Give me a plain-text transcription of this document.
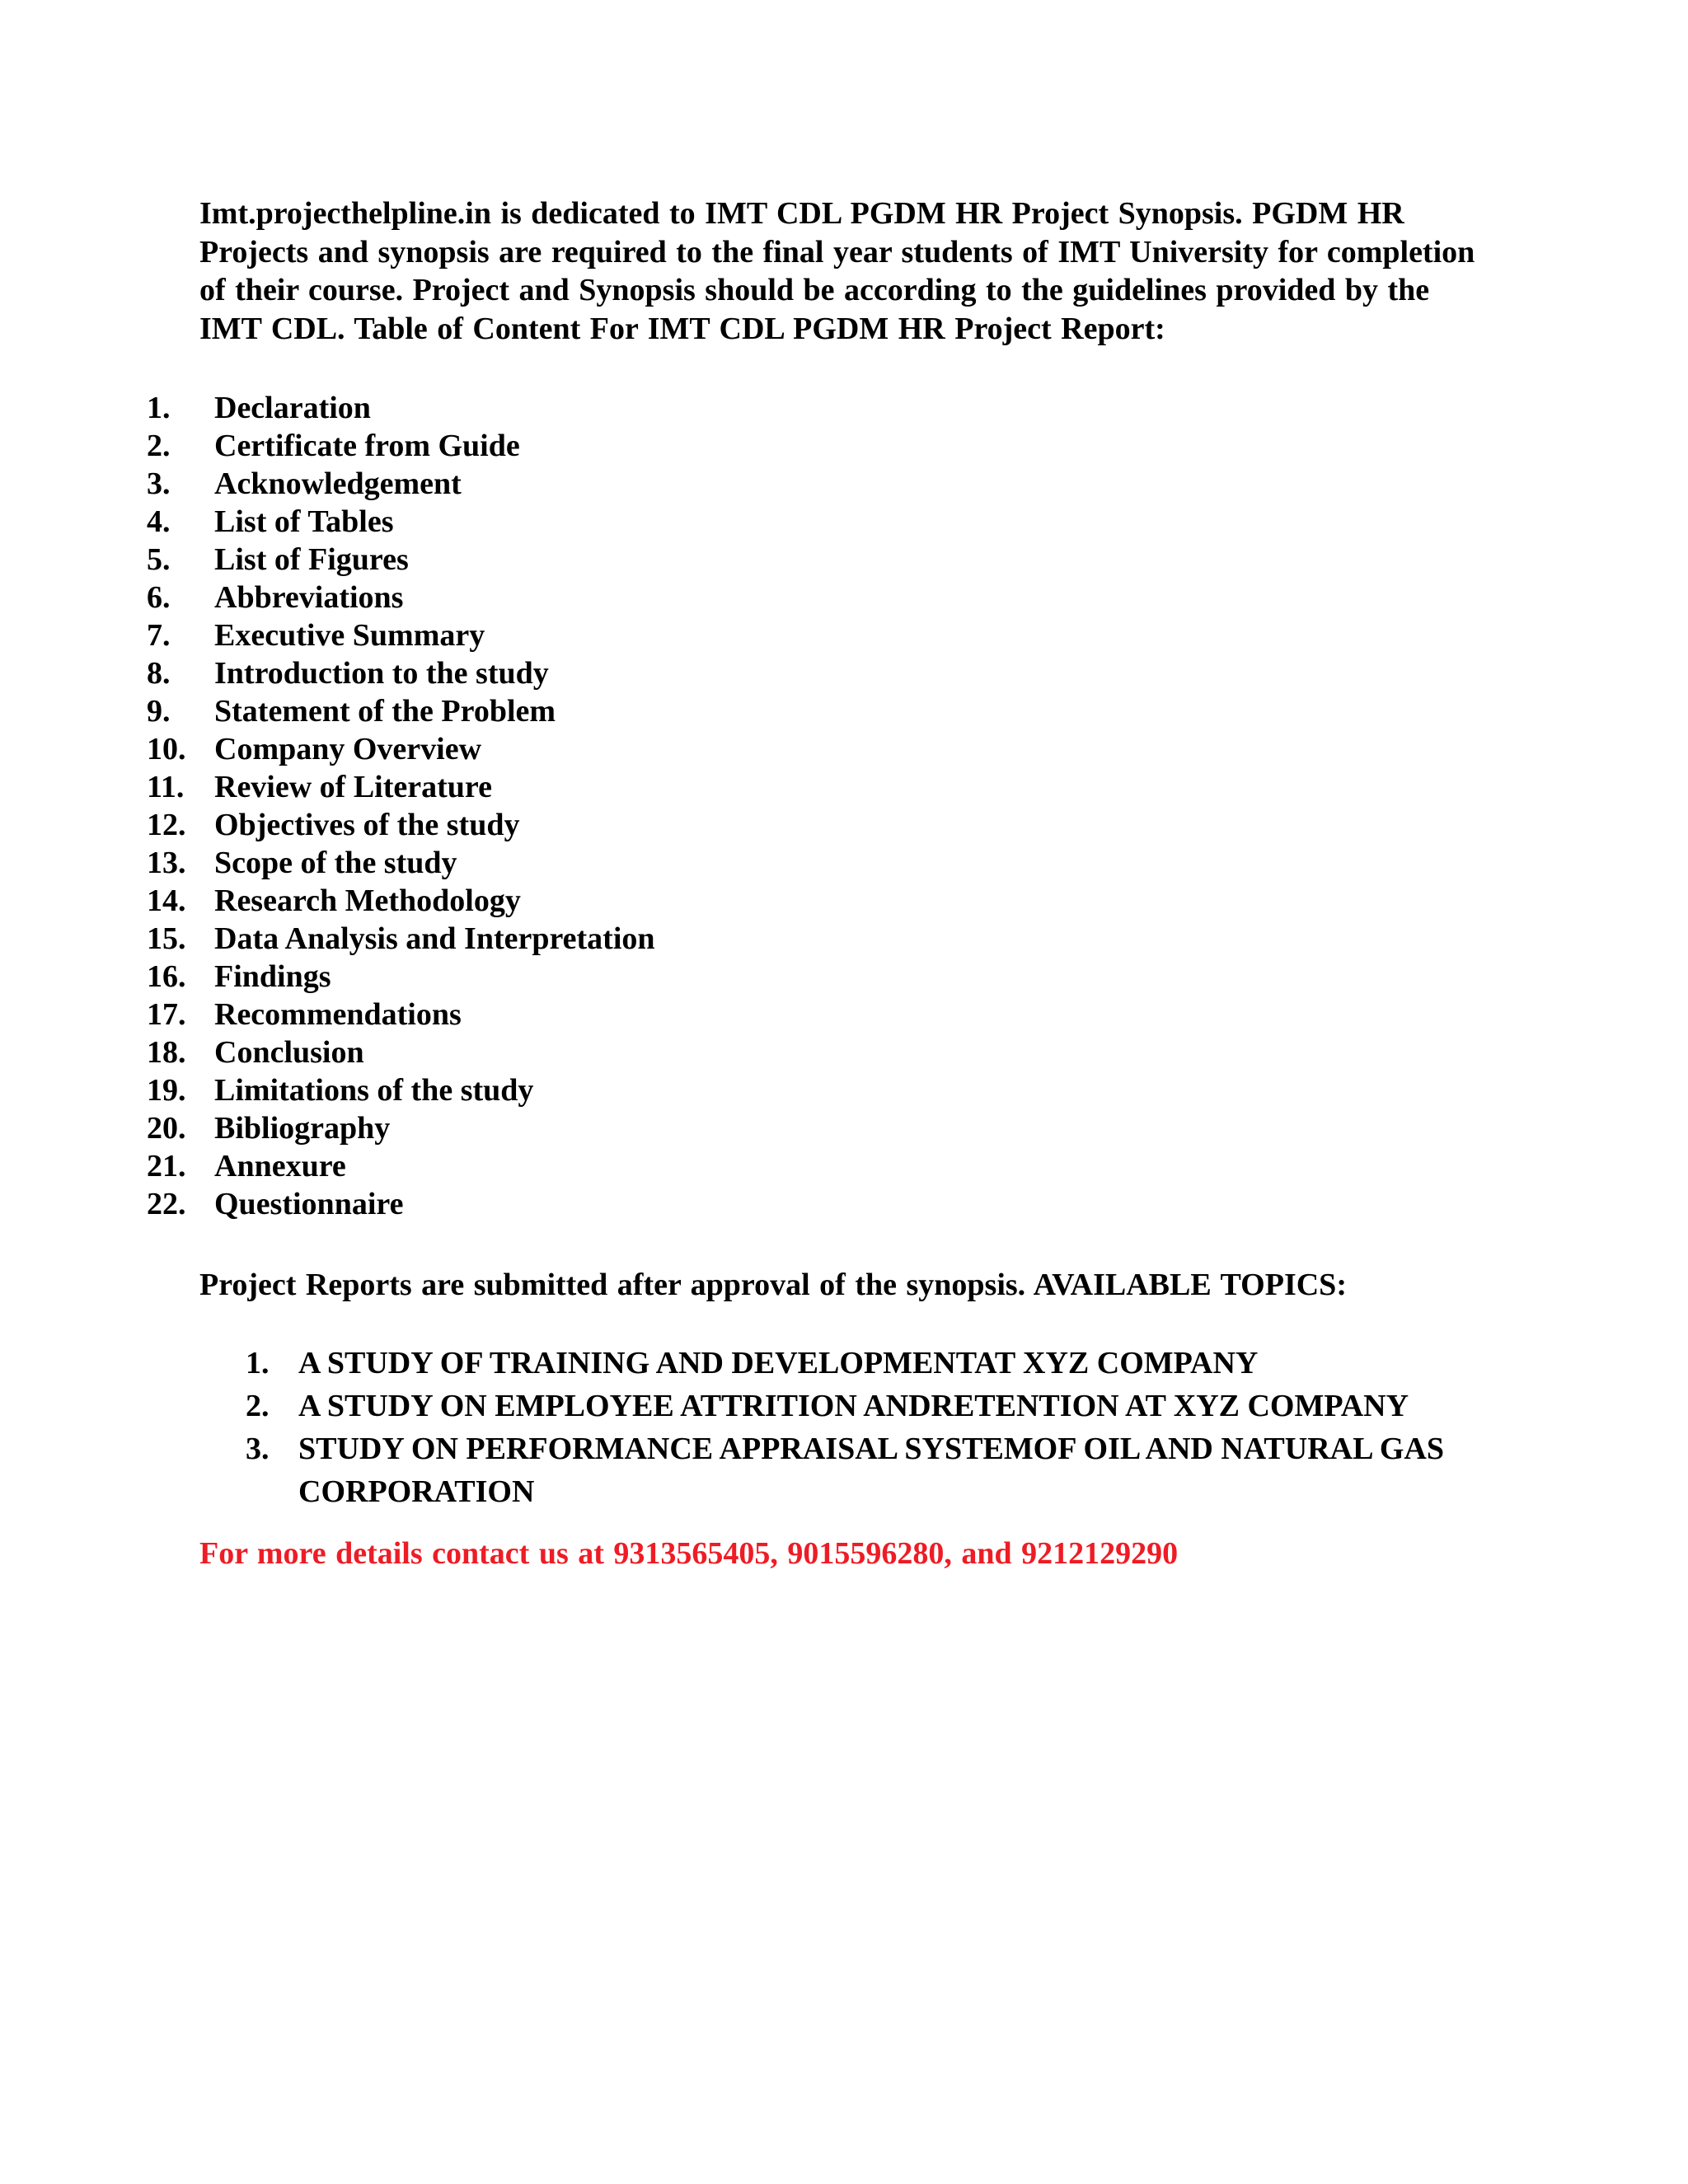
Imt.projecthelpline.in is dedicated to IMT CDL PGDM HR Project Synopsis. PGDM HR Projects and synopsis are required to the final year students of IMT University for completion of their course. Project and Synopsis should be according to the guidelines provided by the IMT CDL. Table of Content For IMT CDL PGDM HR Project Report:

1. Declaration
2. Certificate from Guide
3. Acknowledgement
4. List of Tables
5. List of Figures
6. Abbreviations
7. Executive Summary
8. Introduction to the study
9. Statement of the Problem
10. Company Overview
11. Review of Literature
12. Objectives of the study
13. Scope of the study
14. Research Methodology
15. Data Analysis and Interpretation
16. Findings
17. Recommendations
18. Conclusion
19. Limitations of the study
20. Bibliography
21. Annexure
22. Questionnaire

Project Reports are submitted after approval of the synopsis. AVAILABLE TOPICS:

1. A STUDY OF TRAINING AND DEVELOPMENTAT XYZ COMPANY
2. A STUDY ON EMPLOYEE ATTRITION ANDRETENTION AT XYZ COMPANY
3. STUDY ON PERFORMANCE APPRAISAL SYSTEMOF OIL AND NATURAL GAS CORPORATION

For more details contact us at 9313565405, 9015596280, and 9212129290
